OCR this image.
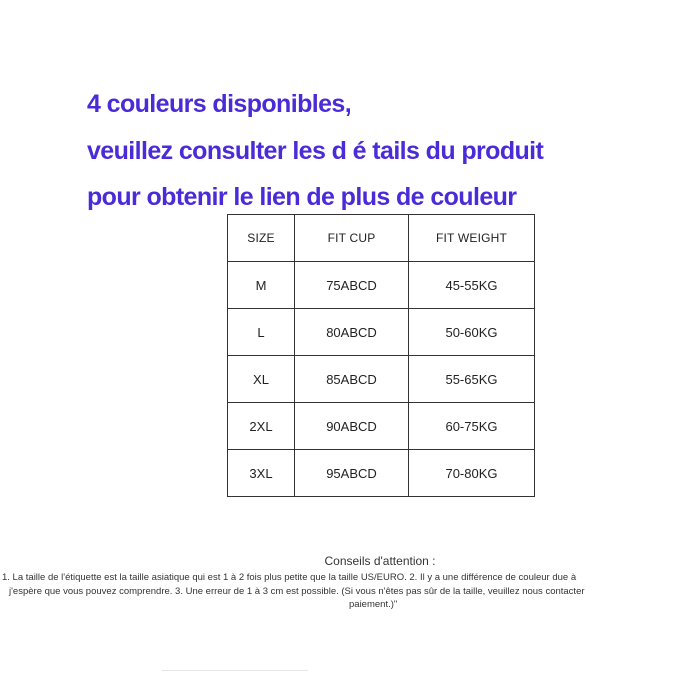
4 couleurs disponibles,
veuillez consulter les d é tails du produit
pour obtenir le lien de plus de couleur
SIZE	FIT CUP	FIT WEIGHT
M	75ABCD	45-55KG
L	80ABCD	50-60KG
XL	85ABCD	55-65KG
2XL	90ABCD	60-75KG
3XL	95ABCD	70-80KG
Conseils d'attention :
1. La taille de l'étiquette est la taille asiatique qui est 1 à 2 fois plus petite que la taille US/EURO. 2. Il y a une différence de couleur due à
j'espère que vous pouvez comprendre. 3. Une erreur de 1 à 3 cm est possible. (Si vous n'êtes pas sûr de la taille, veuillez nous contacter
paiement.)"
